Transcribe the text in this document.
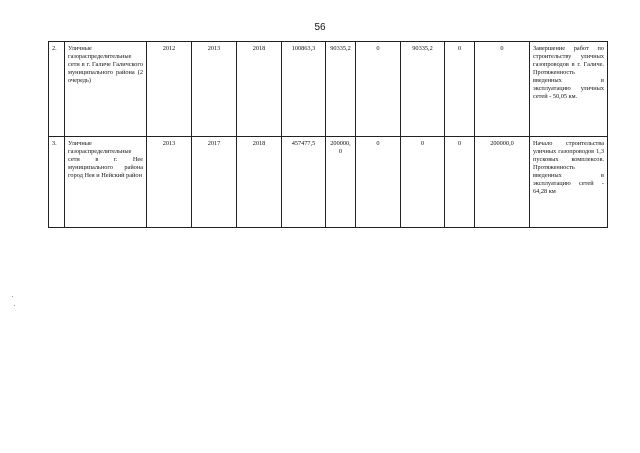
56
2.	Уличные газораспределительные сети в г. Галиче Галичского муниципального района (2 очередь)	2012	2013	2018	100863,3	90335,2	0	90335,2	0	0	Завершение работ по строительству уличных газопроводов в г. Галиче. Протяженность введенных в эксплуатацию уличных сетей - 50,05 км.
3.	Уличные газораспределительные сети в г. Нее муниципального района город Нея и Нейский район	2013	2017	2018	457477,5	200000,0	0	0	0	200000,0	Начало строительства уличных газопроводов 1,3 пусковых комплексов. Протяженность введенных в эксплуатацию сетей - 64,28 км
